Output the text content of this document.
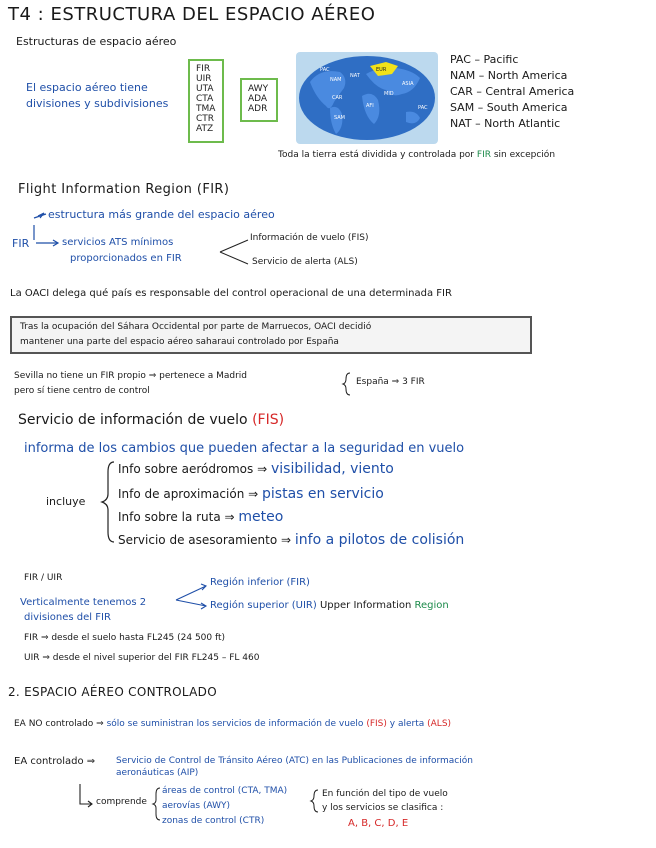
T4 : ESTRUCTURA DEL ESPACIO AÉREO
Estructuras de espacio aéreo
El espacio aéreo tiene
divisiones y subdivisiones
FIR
UIR
UTA
CTA
TMA
CTR
ATZ
AWY
ADA
ADR
PAC
NAM
NAT
CAR
SAM
EUR
AFI
MID
ASIA
PAC
PAC – Pacific
NAM – North America
CAR – Central America
SAM – South America
NAT – North Atlantic
Toda la tierra está dividida y controlada por FIR sin excepción
Flight Information Region (FIR)
estructura más grande del espacio aéreo
FIR	servicios ATS mínimos
proporcionados en FIR
Información de vuelo (FIS)
Servicio de alerta (ALS)
La OACI delega qué país es responsable del control operacional de una determinada FIR
Tras la ocupación del Sáhara Occidental por parte de Marruecos, OACI decidió
mantener una parte del espacio aéreo saharaui controlado por España
Sevilla no tiene un FIR propio ⇒ pertenece a Madrid
pero sí tiene centro de control
España ⇒ 3 FIR
Servicio de información de vuelo (FIS)
informa de los cambios que pueden afectar a la seguridad en vuelo
incluye
Info sobre aeródromos ⇒ visibilidad, viento
Info de aproximación ⇒ pistas en servicio
Info sobre la ruta ⇒ meteo
Servicio de asesoramiento ⇒ info a pilotos de colisión
FIR / UIR
Verticalmente tenemos 2
divisiones del FIR
Región inferior (FIR)
Región superior (UIR) Upper Information Region
FIR ⇒ desde el suelo hasta FL245 (24 500 ft)
UIR ⇒ desde el nivel superior del FIR FL245 – FL 460
2. ESPACIO AÉREO CONTROLADO
EA NO controlado ⇒ sólo se suministran los servicios de información de vuelo (FIS) y alerta (ALS)
EA controlado ⇒ Servicio de Control de Tránsito Aéreo (ATC) en las Publicaciones de información
aeronáuticas (AIP)
comprende
áreas de control (CTA, TMA)
aerovías (AWY)
zonas de control (CTR)
En función del tipo de vuelo
y los servicios se clasifica :
A, B, C, D, E
